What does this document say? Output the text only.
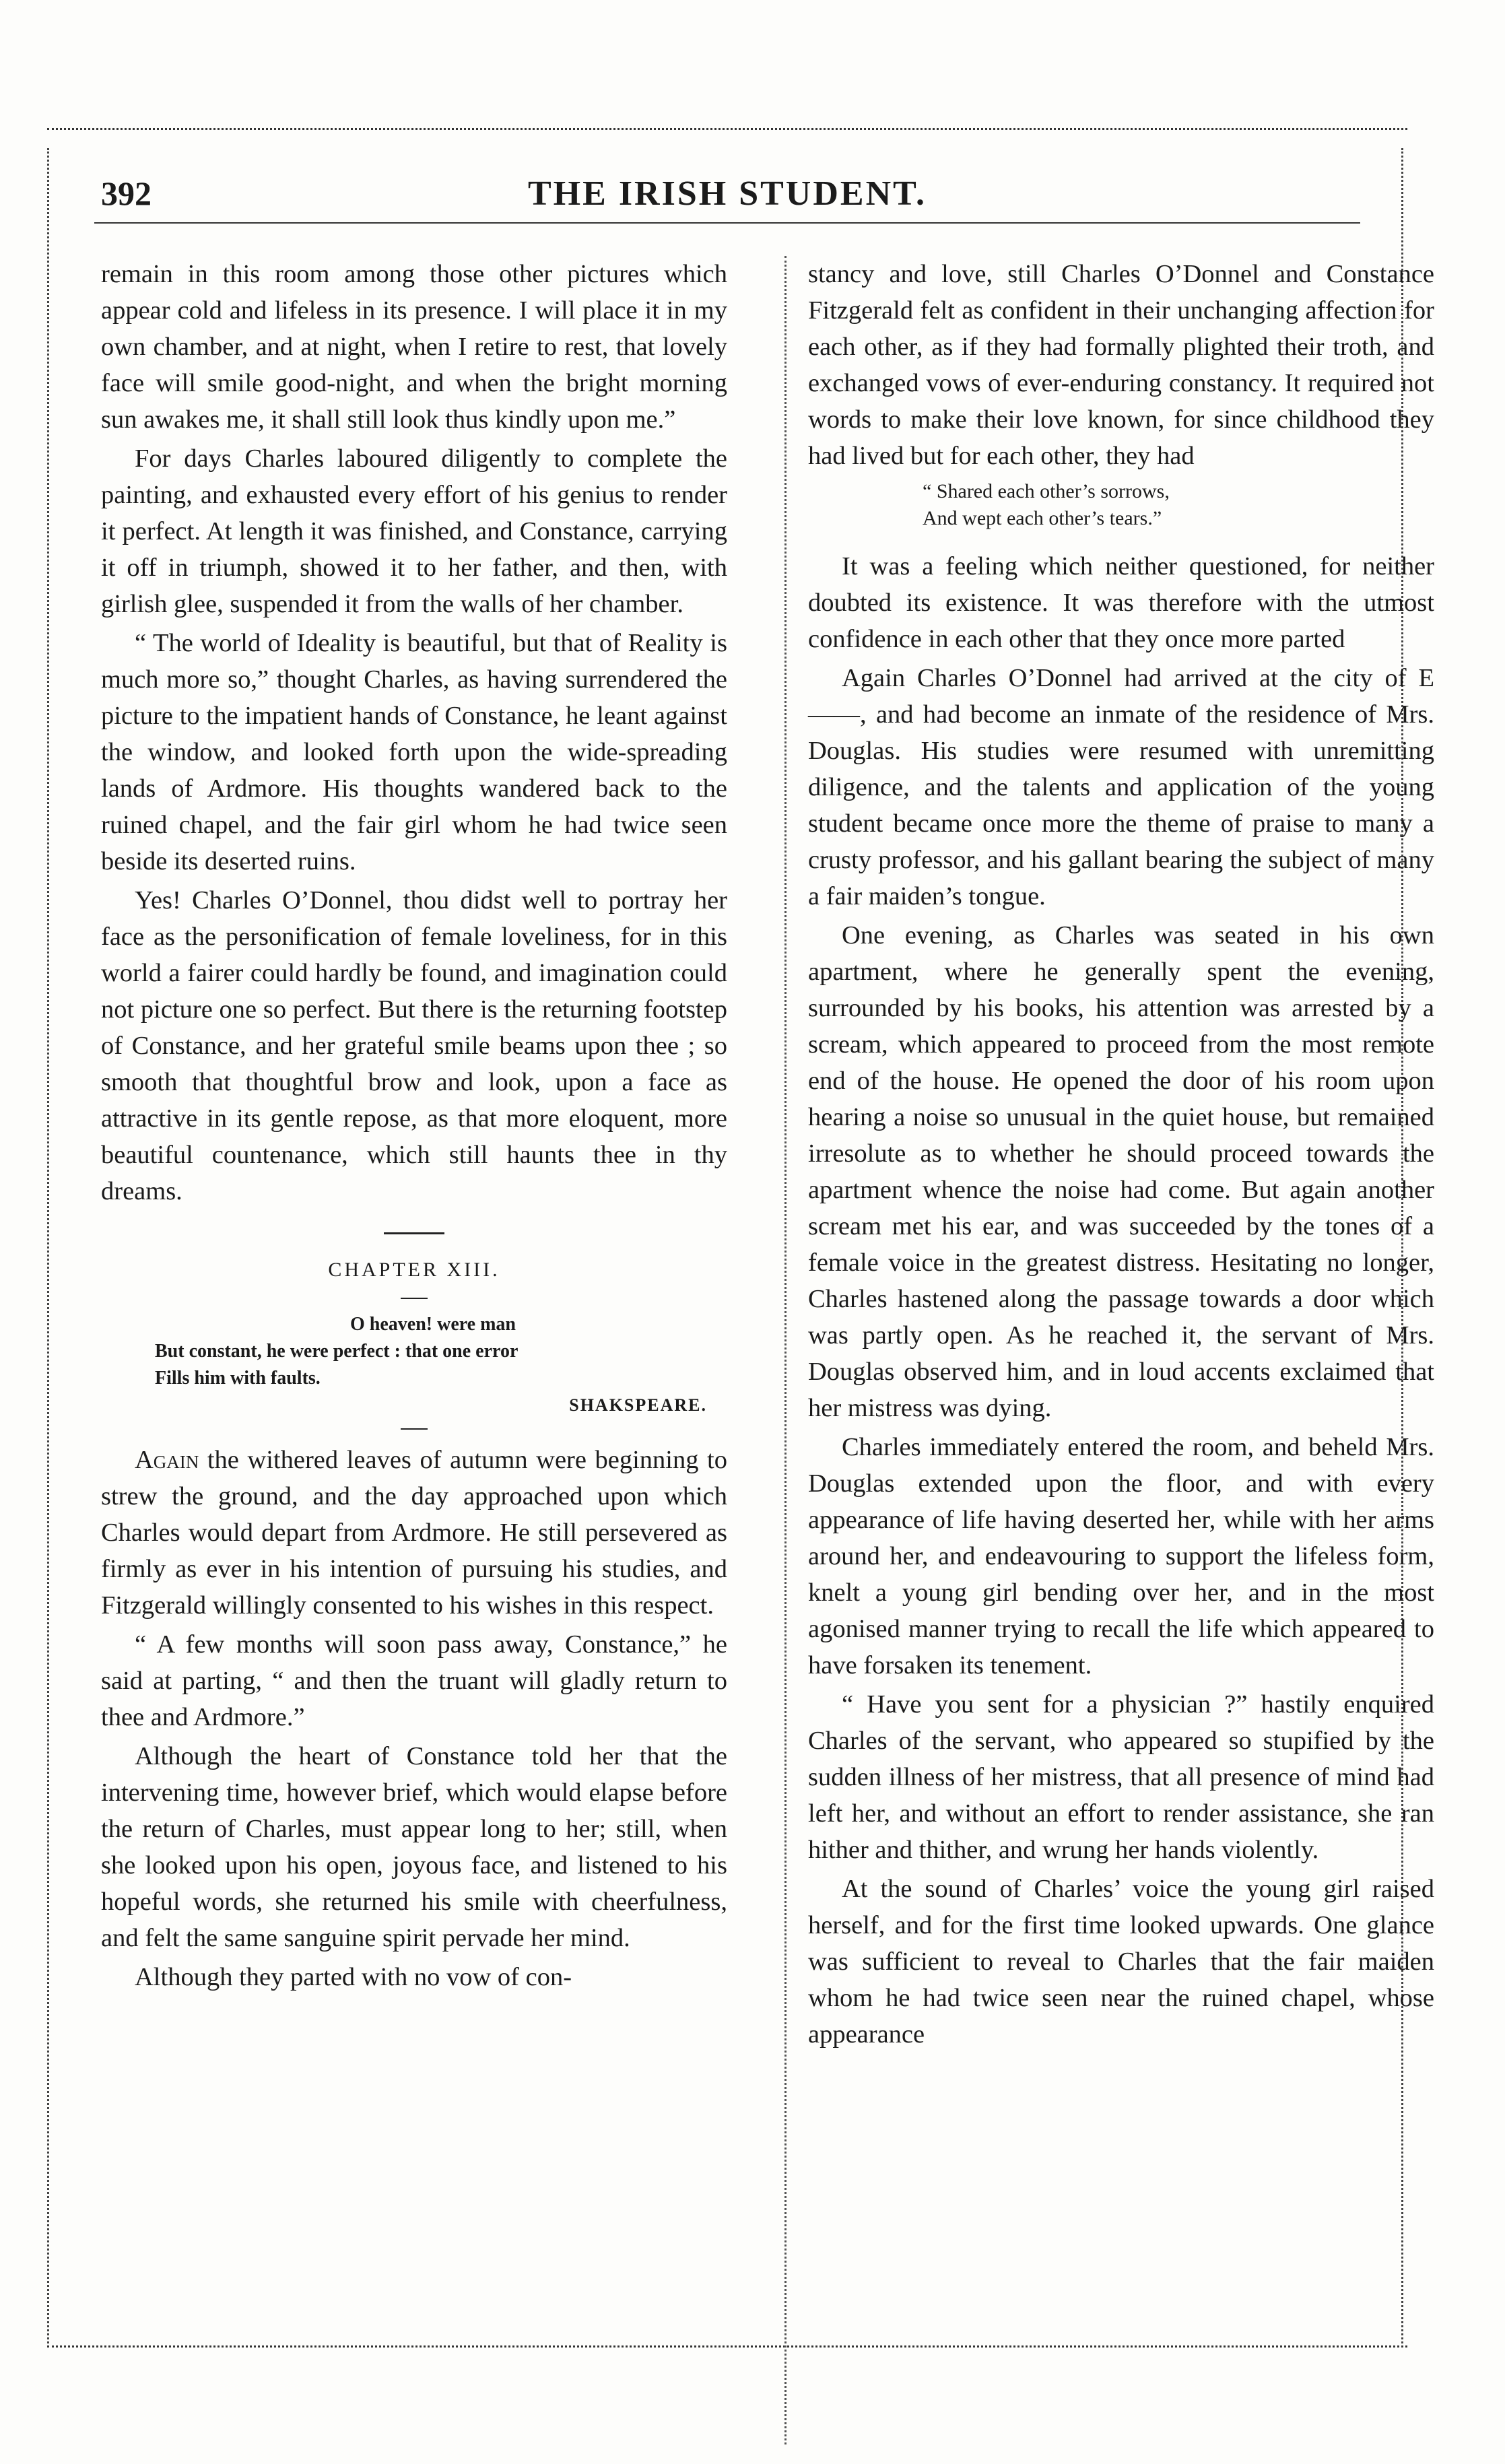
392	THE IRISH STUDENT.

remain in this room among those other pictures which appear cold and lifeless in its presence. I will place it in my own chamber, and at night, when I retire to rest, that lovely face will smile good-night, and when the bright morning sun awakes me, it shall still look thus kindly upon me.”

For days Charles laboured diligently to complete the painting, and exhausted every effort of his genius to render it perfect. At length it was finished, and Constance, carrying it off in triumph, showed it to her father, and then, with girlish glee, suspended it from the walls of her chamber.

“ The world of Ideality is beautiful, but that of Reality is much more so,” thought Charles, as having surrendered the picture to the impatient hands of Constance, he leant against the window, and looked forth upon the wide-spreading lands of Ardmore. His thoughts wandered back to the ruined chapel, and the fair girl whom he had twice seen beside its deserted ruins.

Yes! Charles O’Donnel, thou didst well to portray her face as the personification of female loveliness, for in this world a fairer could hardly be found, and imagination could not picture one so perfect. But there is the returning footstep of Constance, and her grateful smile beams upon thee ; so smooth that thoughtful brow and look, upon a face as attractive in its gentle repose, as that more eloquent, more beautiful countenance, which still haunts thee in thy dreams.

CHAPTER XIII.
O heaven! were man
But constant, he were perfect : that one error
Fills him with faults.
SHAKSPEARE.

Again the withered leaves of autumn were beginning to strew the ground, and the day approached upon which Charles would depart from Ardmore. He still persevered as firmly as ever in his intention of pursuing his studies, and Fitzgerald willingly consented to his wishes in this respect.

“ A few months will soon pass away, Constance,” he said at parting, “ and then the truant will gladly return to thee and Ardmore.”

Although the heart of Constance told her that the intervening time, however brief, which would elapse before the return of Charles, must appear long to her; still, when she looked upon his open, joyous face, and listened to his hopeful words, she returned his smile with cheerfulness, and felt the same sanguine spirit pervade her mind.

Although they parted with no vow of con-

stancy and love, still Charles O’Donnel and Constance Fitzgerald felt as confident in their unchanging affection for each other, as if they had formally plighted their troth, and exchanged vows of ever-enduring constancy. It required not words to make their love known, for since childhood they had lived but for each other, they had

“ Shared each other’s sorrows,
And wept each other’s tears.”

It was a feeling which neither questioned, for neither doubted its existence. It was therefore with the utmost confidence in each other that they once more parted

Again Charles O’Donnel had arrived at the city of E——, and had become an inmate of the residence of Mrs. Douglas. His studies were resumed with unremitting diligence, and the talents and application of the young student became once more the theme of praise to many a crusty professor, and his gallant bearing the subject of many a fair maiden’s tongue.

One evening, as Charles was seated in his own apartment, where he generally spent the evening, surrounded by his books, his attention was arrested by a scream, which appeared to proceed from the most remote end of the house. He opened the door of his room upon hearing a noise so unusual in the quiet house, but remained irresolute as to whether he should proceed towards the apartment whence the noise had come. But again another scream met his ear, and was succeeded by the tones of a female voice in the greatest distress. Hesitating no longer, Charles hastened along the passage towards a door which was partly open. As he reached it, the servant of Mrs. Douglas observed him, and in loud accents exclaimed that her mistress was dying.

Charles immediately entered the room, and beheld Mrs. Douglas extended upon the floor, and with every appearance of life having deserted her, while with her arms around her, and endeavouring to support the lifeless form, knelt a young girl bending over her, and in the most agonised manner trying to recall the life which appeared to have forsaken its tenement.

“ Have you sent for a physician ?” hastily enquired Charles of the servant, who appeared so stupified by the sudden illness of her mistress, that all presence of mind had left her, and without an effort to render assistance, she ran hither and thither, and wrung her hands violently.

At the sound of Charles’ voice the young girl raised herself, and for the first time looked upwards. One glance was sufficient to reveal to Charles that the fair maiden whom he had twice seen near the ruined chapel, whose appearance
